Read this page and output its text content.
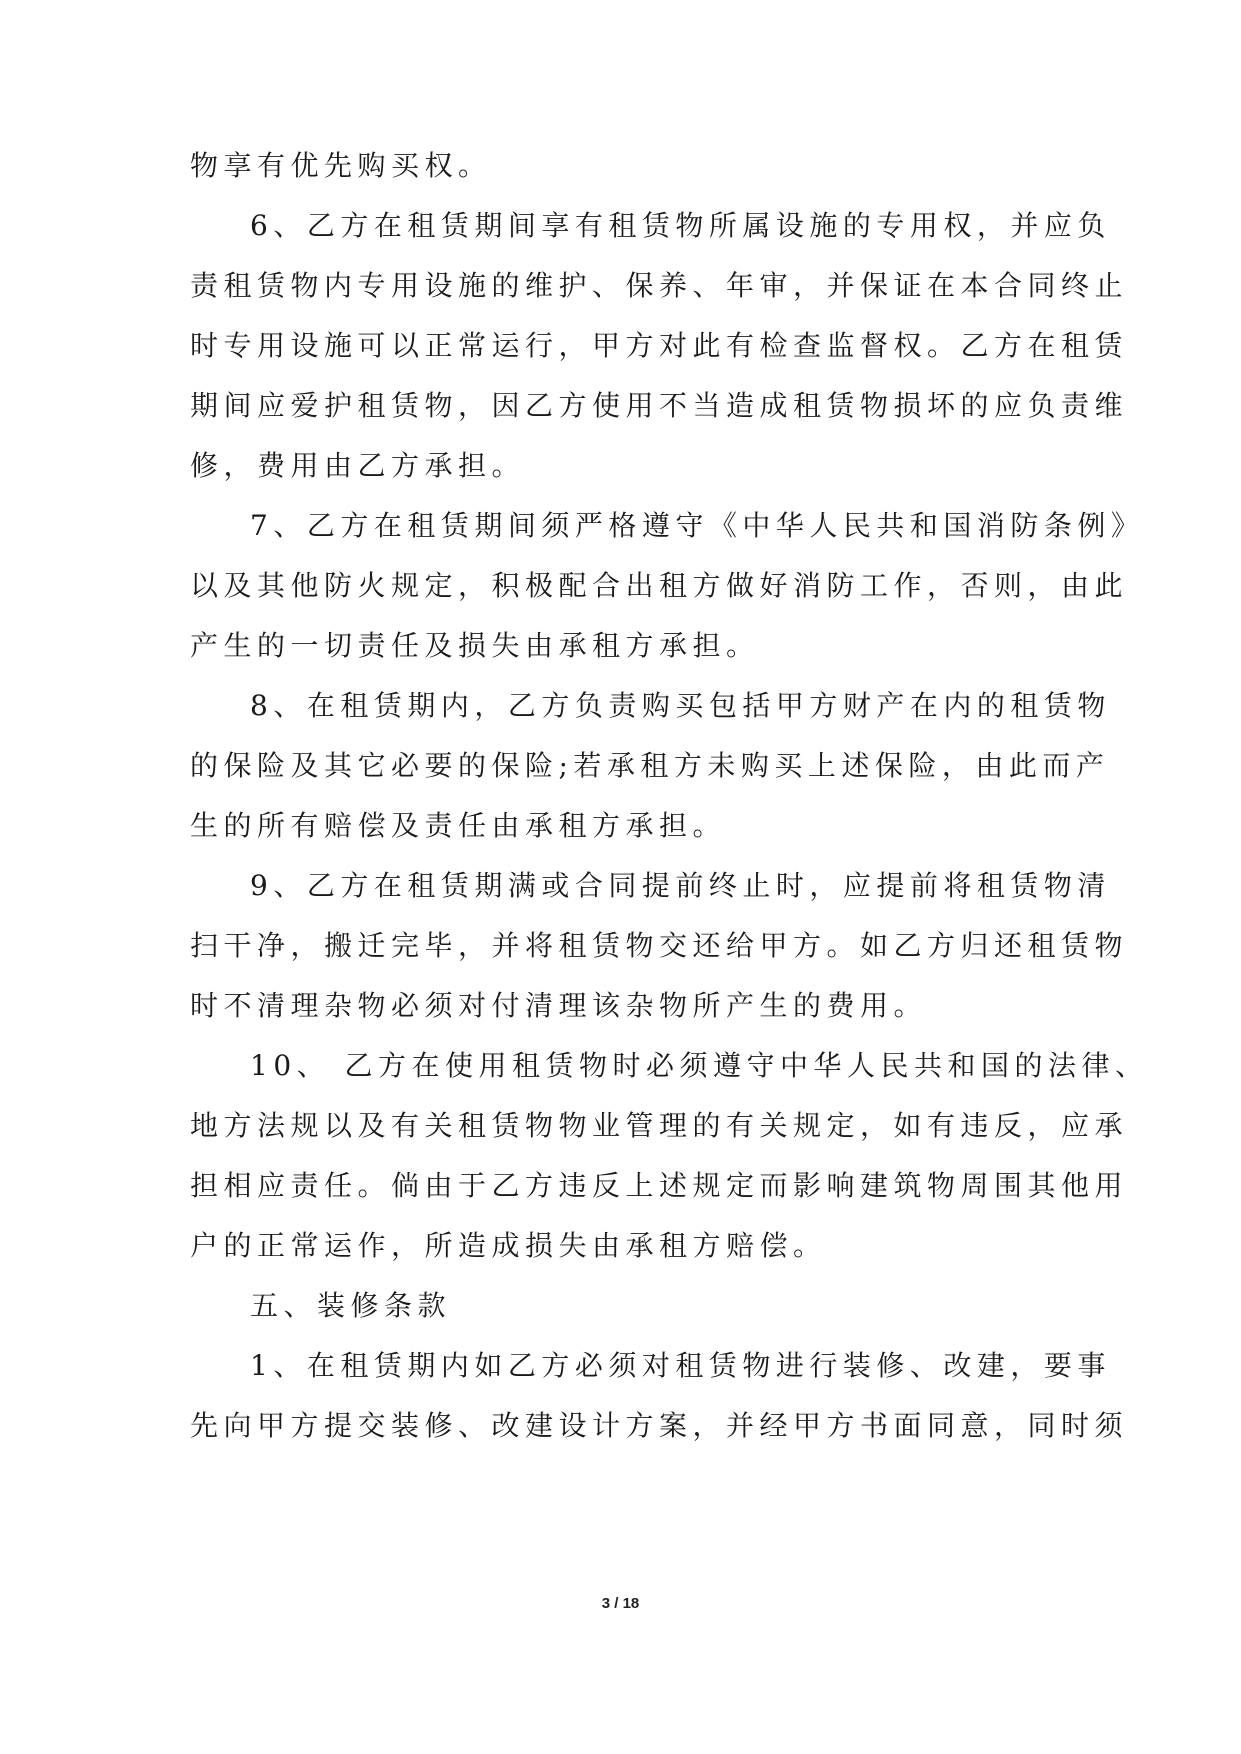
物享有优先购买权。
6、乙方在租赁期间享有租赁物所属设施的专用权，并应负
责租赁物内专用设施的维护、保养、年审，并保证在本合同终止
时专用设施可以正常运行，甲方对此有检查监督权。乙方在租赁
期间应爱护租赁物，因乙方使用不当造成租赁物损坏的应负责维
修，费用由乙方承担。
7、乙方在租赁期间须严格遵守《中华人民共和国消防条例》
以及其他防火规定，积极配合出租方做好消防工作，否则，由此
产生的一切责任及损失由承租方承担。
8、在租赁期内，乙方负责购买包括甲方财产在内的租赁物
的保险及其它必要的保险;若承租方未购买上述保险，由此而产
生的所有赔偿及责任由承租方承担。
9、乙方在租赁期满或合同提前终止时，应提前将租赁物清
扫干净，搬迁完毕，并将租赁物交还给甲方。如乙方归还租赁物
时不清理杂物必须对付清理该杂物所产生的费用。
10、 乙方在使用租赁物时必须遵守中华人民共和国的法律、
地方法规以及有关租赁物物业管理的有关规定，如有违反，应承
担相应责任。倘由于乙方违反上述规定而影响建筑物周围其他用
户的正常运作，所造成损失由承租方赔偿。
五、装修条款
1、在租赁期内如乙方必须对租赁物进行装修、改建，要事
先向甲方提交装修、改建设计方案，并经甲方书面同意，同时须
3 / 18
